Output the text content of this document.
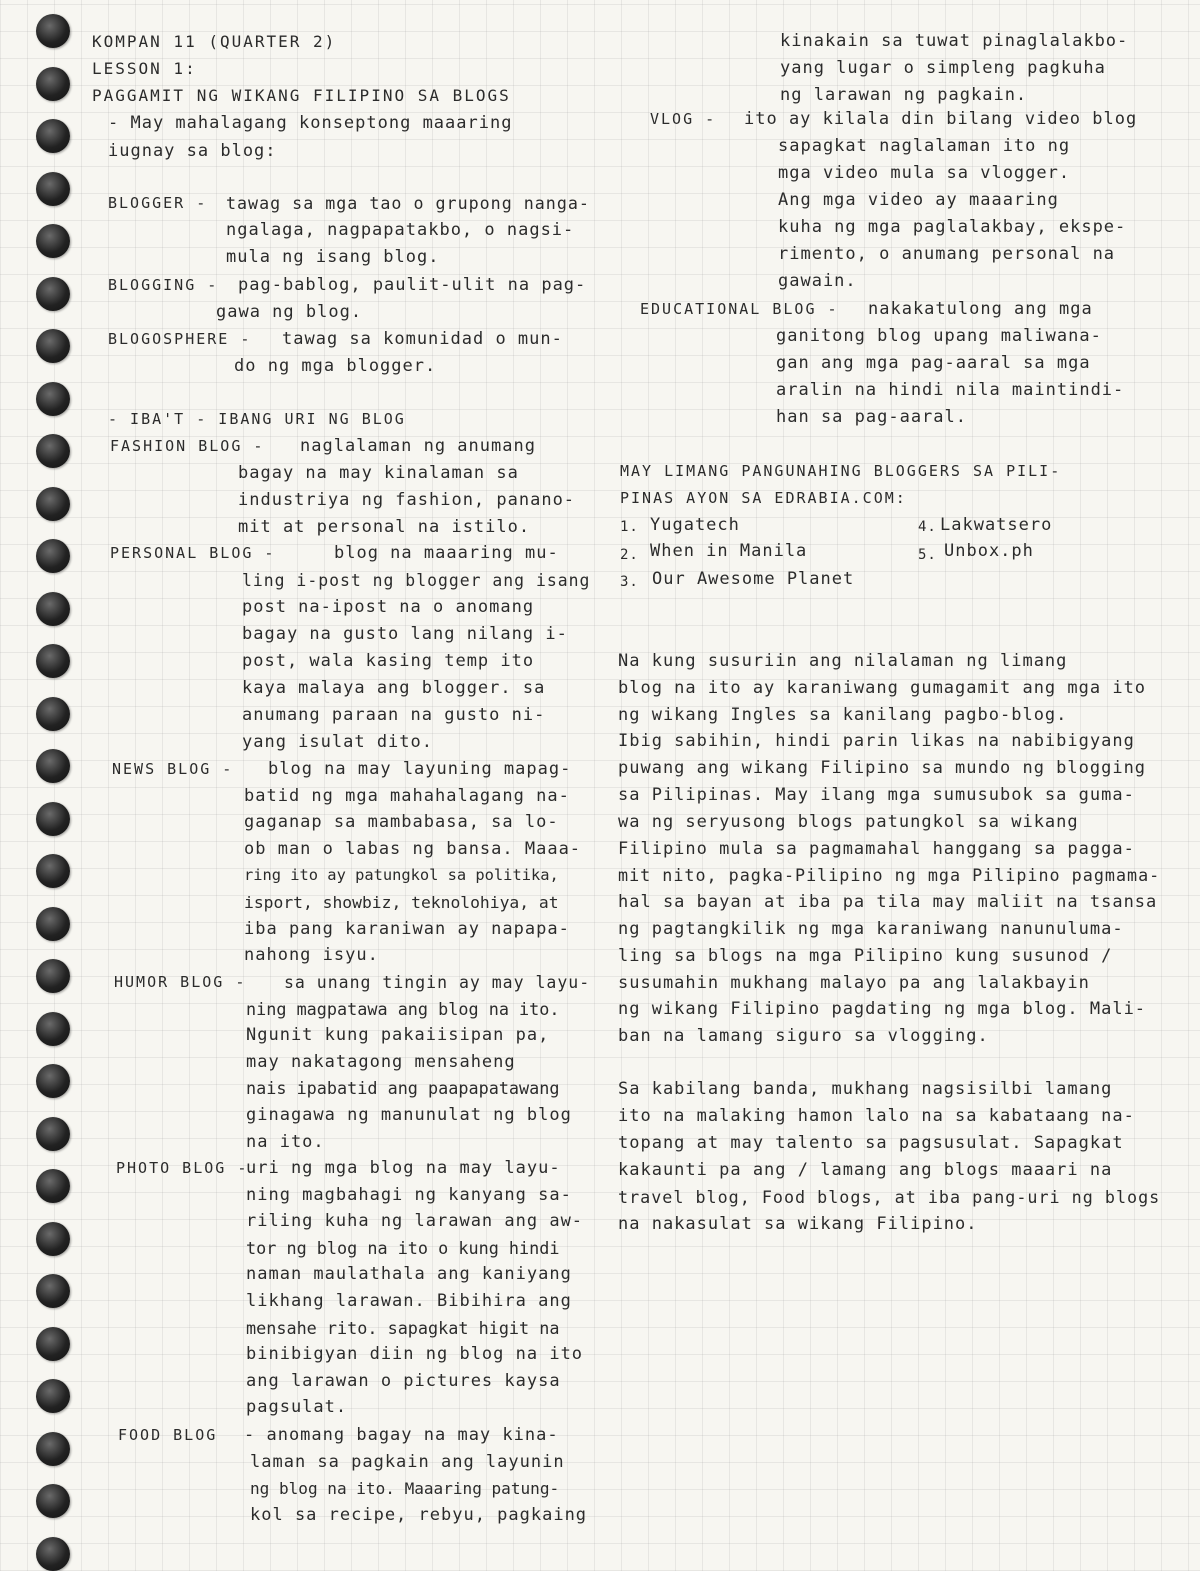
KOMPAN 11 (QUARTER 2)
LESSON 1:
PAGGAMIT NG WIKANG FILIPINO SA BLOGS
- May mahalagang konseptong maaaring
iugnay sa blog:
BLOGGER - tawag sa mga tao o grupong nanga-
ngalaga, nagpapatakbo, o nagsi-
mula ng isang blog.
BLOGGING - pag-bablog, paulit-ulit na pag-
gawa ng blog.
BLOGOSPHERE - tawag sa komunidad o mun-
do ng mga blogger.
- IBA'T - IBANG URI NG BLOG
FASHION BLOG - naglalaman ng anumang
bagay na may kinalaman sa
industriya ng fashion, panano-
mit at personal na istilo.
PERSONAL BLOG -	blog na maaaring mu-
ling i-post ng blogger ang isang
post na-ipost na o anomang
bagay na gusto lang nilang i-
post, wala kasing temp ito
kaya malaya ang blogger. sa
anumang paraan na gusto ni-
yang isulat dito.
NEWS BLOG - blog na may layuning mapag-
batid ng mga mahahalagang na-
gaganap sa mambabasa, sa lo-
ob man o labas ng bansa. Maaa-
ring ito ay patungkol sa politika,
isport, showbiz, teknolohiya, at
iba pang karaniwan ay napapa-
nahong isyu.
HUMOR BLOG - sa unang tingin ay may layu-
ning magpatawa ang blog na ito.
Ngunit kung pakaiisipan pa,
may nakatagong mensaheng
nais ipabatid ang paapapatawang
ginagawa ng manunulat ng blog
na ito.
PHOTO BLOG -
uri ng mga blog na may layu-
ning magbahagi ng kanyang sa-
riling kuha ng larawan ang aw-
tor ng blog na ito o kung hindi
naman maulathala ang kaniyang
likhang larawan. Bibihira ang
mensahe rito. sapagkat higit na
binibigyan diin ng blog na ito
ang larawan o pictures kaysa
pagsulat.
FOOD BLOG - anomang bagay na may kina-
laman sa pagkain ang layunin
ng blog na ito. Maaaring patung-
kol sa recipe, rebyu, pagkaing
kinakain sa tuwat pinaglalakbo-
yang lugar o simpleng pagkuha
ng larawan ng pagkain.
VLOG - ito ay kilala din bilang video blog
sapagkat naglalaman ito ng
mga video mula sa vlogger.
Ang mga video ay maaaring
kuha ng mga paglalakbay, ekspe-
rimento, o anumang personal na
gawain.
EDUCATIONAL BLOG - nakakatulong ang mga
ganitong blog upang maliwana-
gan ang mga pag-aaral sa mga
aralin na hindi nila maintindi-
han sa pag-aaral.
MAY LIMANG PANGUNAHING BLOGGERS SA PILI-
PINAS AYON SA EDRABIA.COM:
1. Yugatech
2. When in Manila
3. Our Awesome Planet
4. Lakwatsero
5. Unbox.ph
Na kung susuriin ang nilalaman ng limang
blog na ito ay karaniwang gumagamit ang mga ito
ng wikang Ingles sa kanilang pagbo-blog.
Ibig sabihin, hindi parin likas na nabibigyang
puwang ang wikang Filipino sa mundo ng blogging
sa Pilipinas. May ilang mga sumusubok sa guma-
wa ng seryusong blogs patungkol sa wikang
Filipino mula sa pagmamahal hanggang sa pagga-
mit nito, pagka-Pilipino ng mga Pilipino pagmama-
hal sa bayan at iba pa tila may maliit na tsansa
ng pagtangkilik ng mga karaniwang nanunuluma-
ling sa blogs na mga Pilipino kung susunod /
susumahin mukhang malayo pa ang lalakbayin
ng wikang Filipino pagdating ng mga blog. Mali-
ban na lamang siguro sa vlogging.
Sa kabilang banda, mukhang nagsisilbi lamang
ito na malaking hamon lalo na sa kabataang na-
topang at may talento sa pagsusulat. Sapagkat
kakaunti pa ang / lamang ang blogs maaari na
travel blog, Food blogs, at iba pang-uri ng blogs
na nakasulat sa wikang Filipino.
